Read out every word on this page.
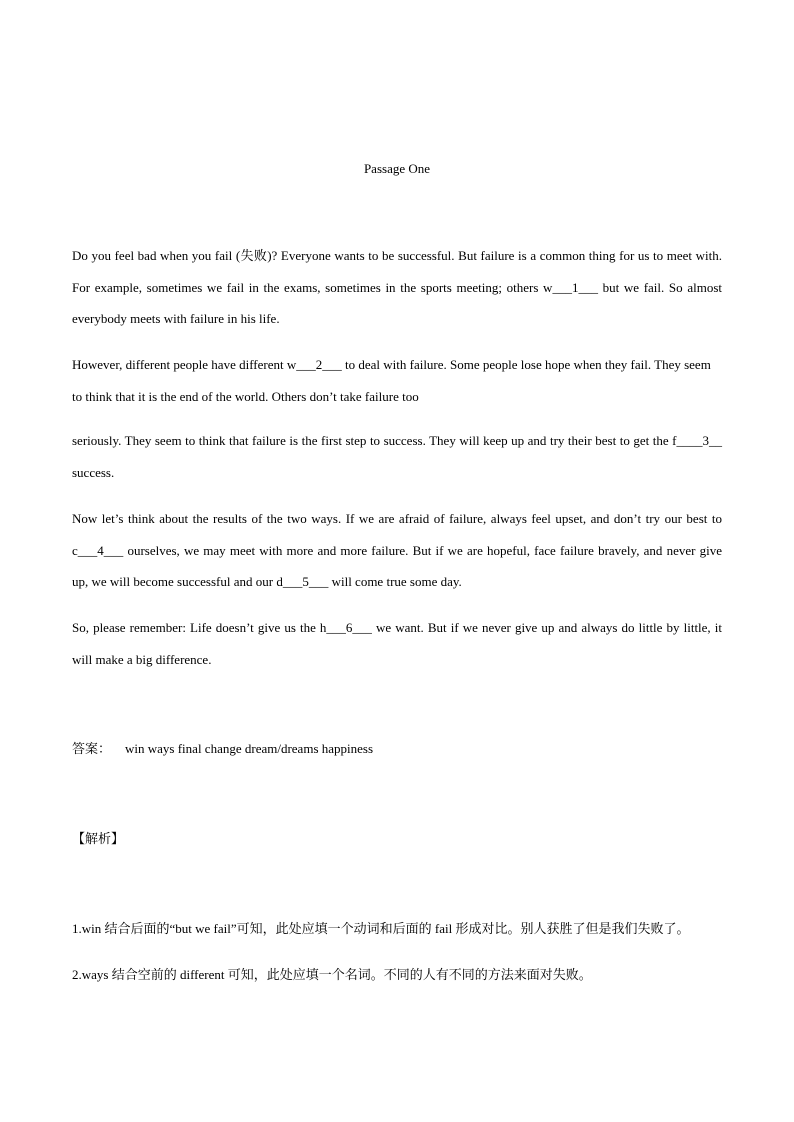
Passage One

Do you feel bad when you fail (失败)? Everyone wants to be successful. But failure is a common thing for us to meet with. For example, sometimes we fail in the exams, sometimes in the sports meeting; others w___1___ but we fail. So almost everybody meets with failure in his life.

However, different people have different w___2___ to deal with failure. Some people lose hope when they fail. They seem to think that it is the end of the world. Others don’t take failure too

seriously. They seem to think that failure is the first step to success. They will keep up and try their best to get the f____3__ success.

Now let’s think about the results of the two ways. If we are afraid of failure, always feel upset, and don’t try our best to c___4___ ourselves, we may meet with more and more failure. But if we are hopeful, face failure bravely, and never give up, we will become successful and our d___5___ will come true some day.

So, please remember: Life doesn’t give us the h___6___ we want. But if we never give up and always do little by little, it will make a big difference.

答案： win ways final change dream/dreams happiness
【解析】
1.win 结合后面的“but we fail”可知，此处应填一个动词和后面的 fail 形成对比。别人获胜了但是我们失败了。
2.ways 结合空前的 different 可知，此处应填一个名词。不同的人有不同的方法来面对失败。
